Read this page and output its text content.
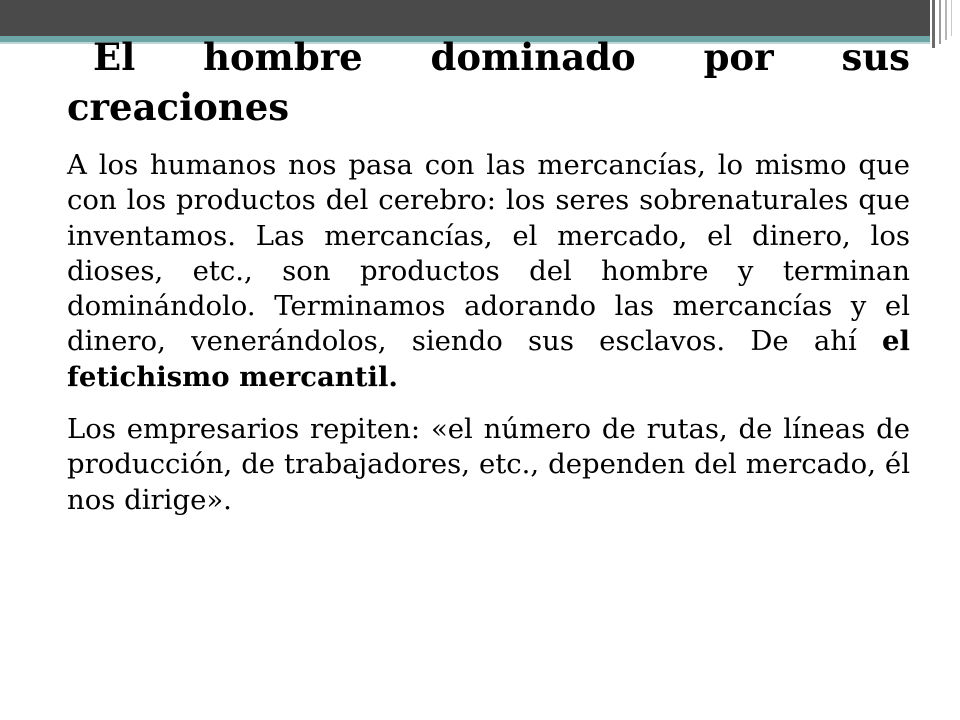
El hombre dominado por sus
creaciones

A los humanos nos pasa con las mercancías, lo mismo que con los productos del cerebro: los seres sobrenaturales que inventamos. Las mercancías, el mercado, el dinero, los dioses, etc., son productos del hombre y terminan dominándolo. Terminamos adorando las mercancías y el dinero, venerándolos, siendo sus esclavos. De ahí el fetichismo mercantil.

Los empresarios repiten: «el número de rutas, de líneas de producción, de trabajadores, etc., dependen del mercado, él nos dirige».
